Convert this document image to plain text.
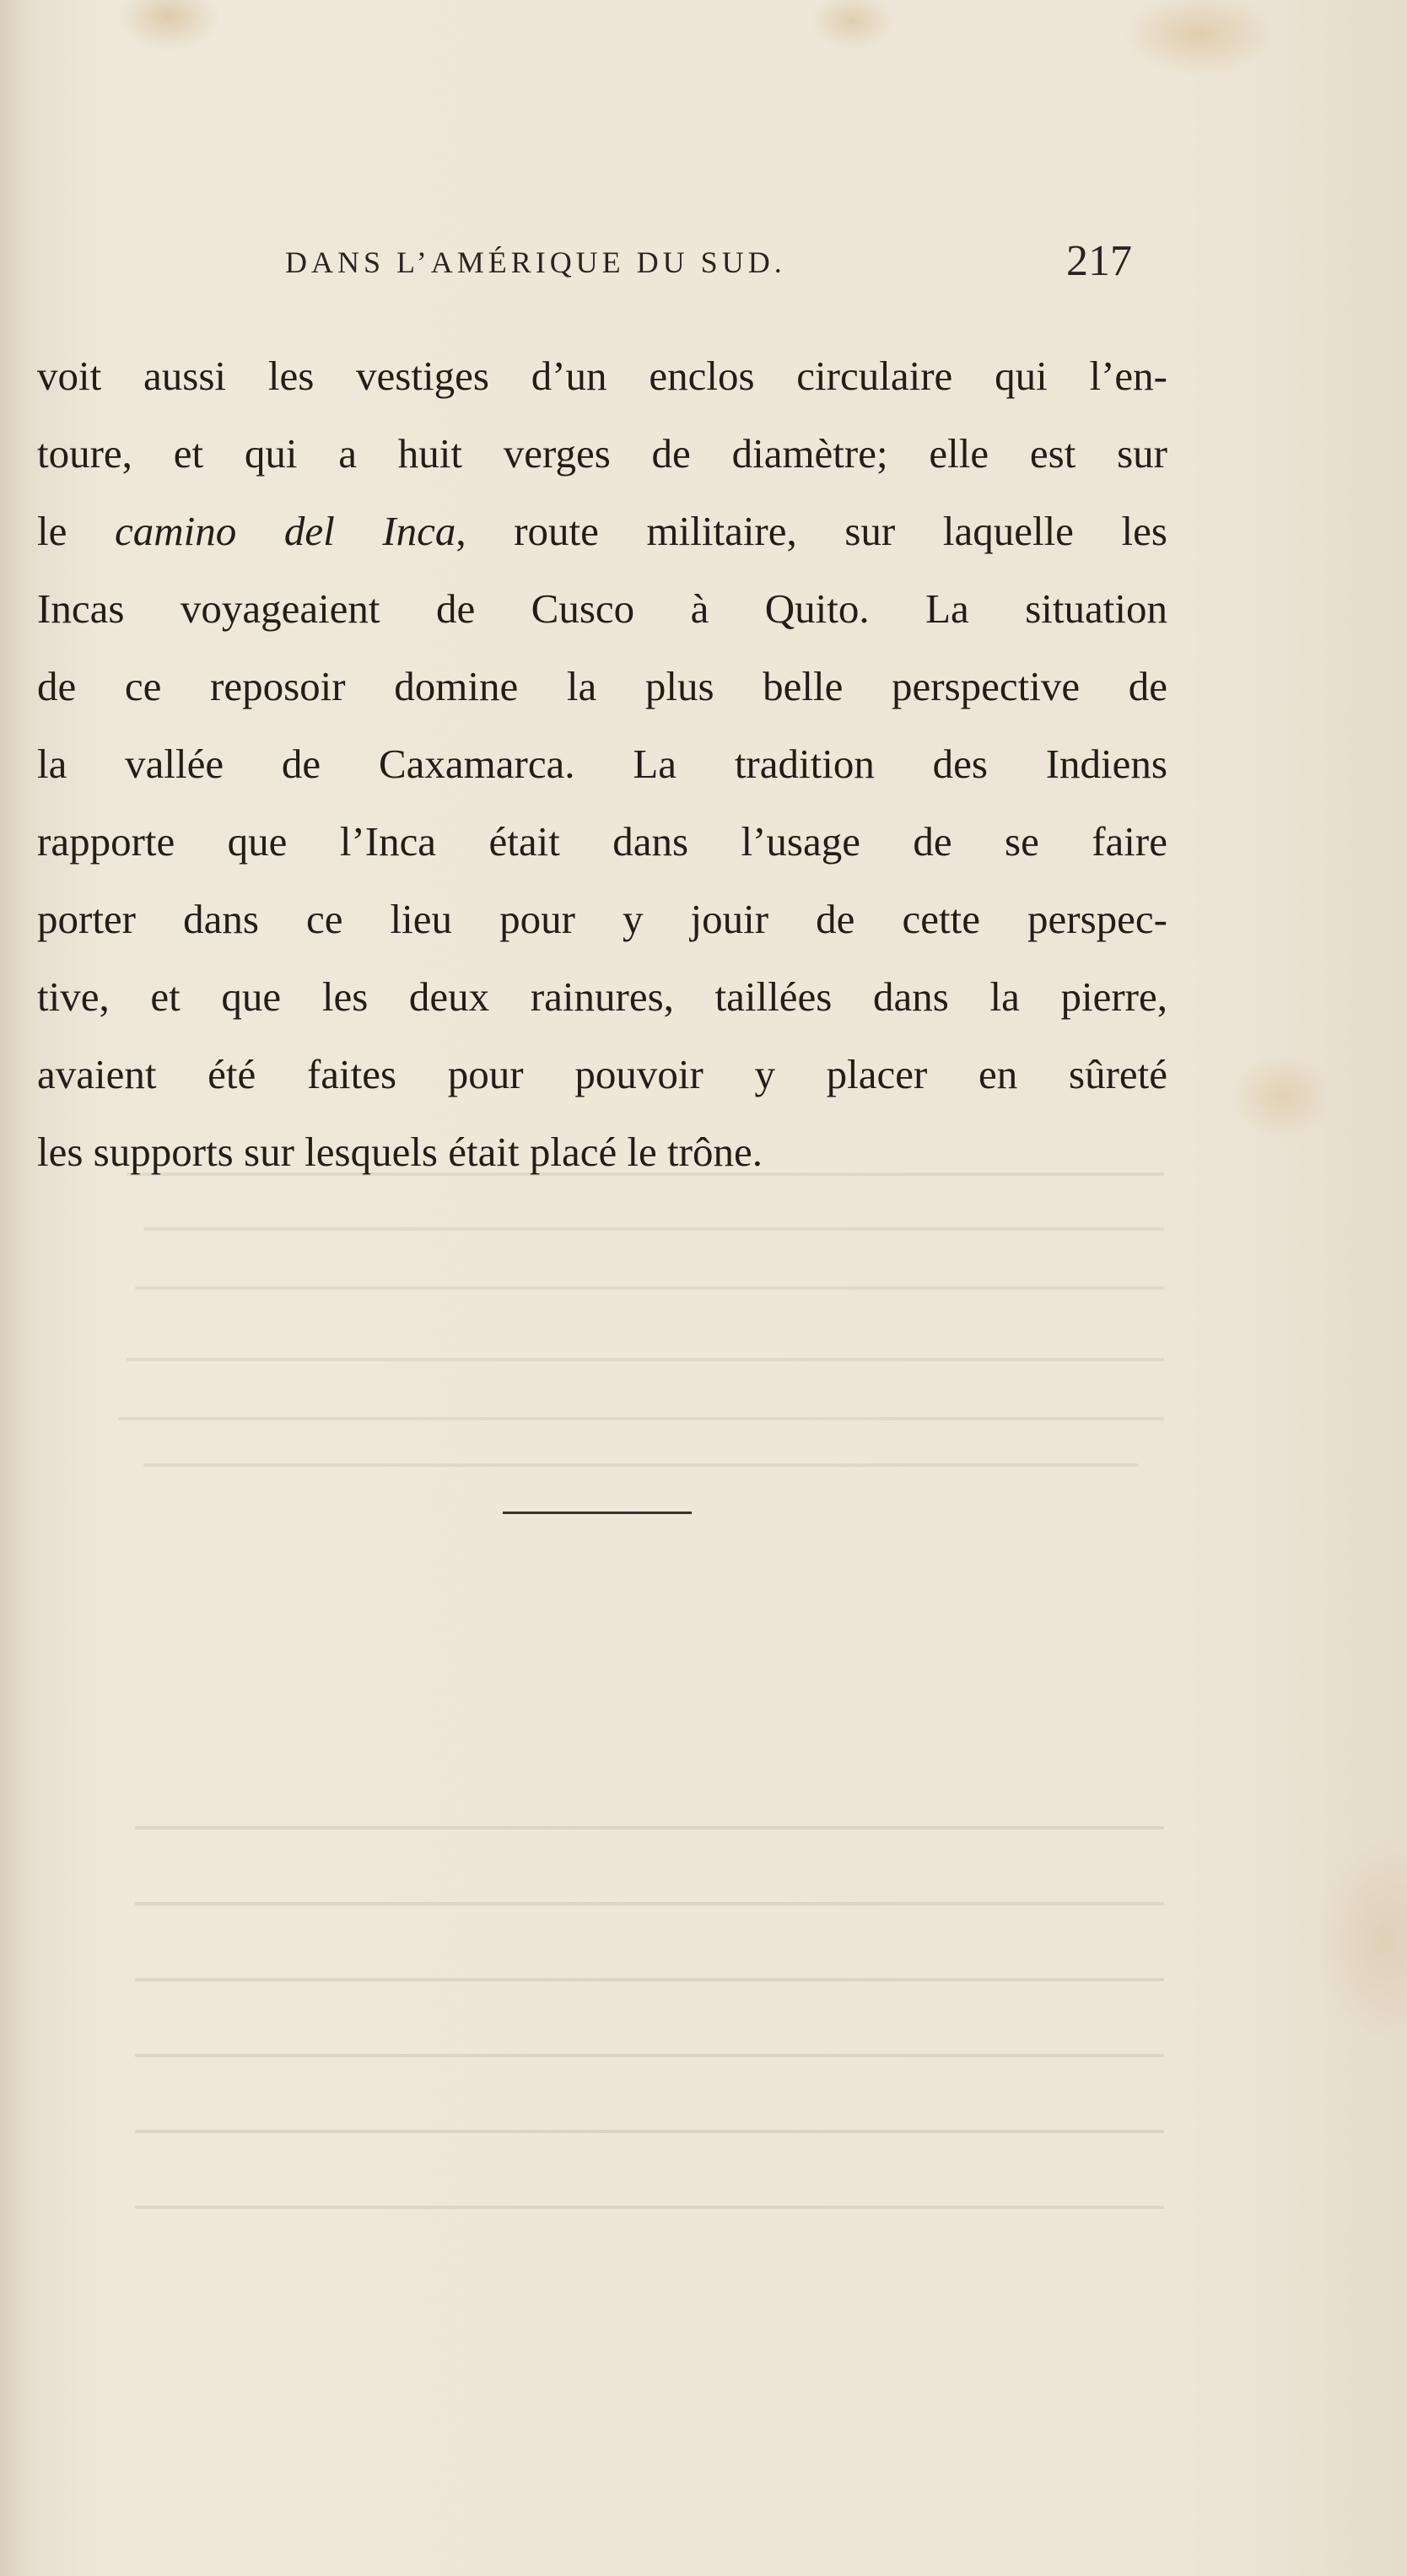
DANS L’AMÉRIQUE DU SUD.	217
voit aussi les vestiges d’un enclos circulaire qui l’en-
toure, et qui a huit verges de diamètre; elle est sur
le camino del Inca, route militaire, sur laquelle les
Incas voyageaient de Cusco à Quito. La situation
de ce reposoir domine la plus belle perspective de
la vallée de Caxamarca. La tradition des Indiens
rapporte que l’Inca était dans l’usage de se faire
porter dans ce lieu pour y jouir de cette perspec-
tive, et que les deux rainures, taillées dans la pierre,
avaient été faites pour pouvoir y placer en sûreté
les supports sur lesquels était placé le trône.
